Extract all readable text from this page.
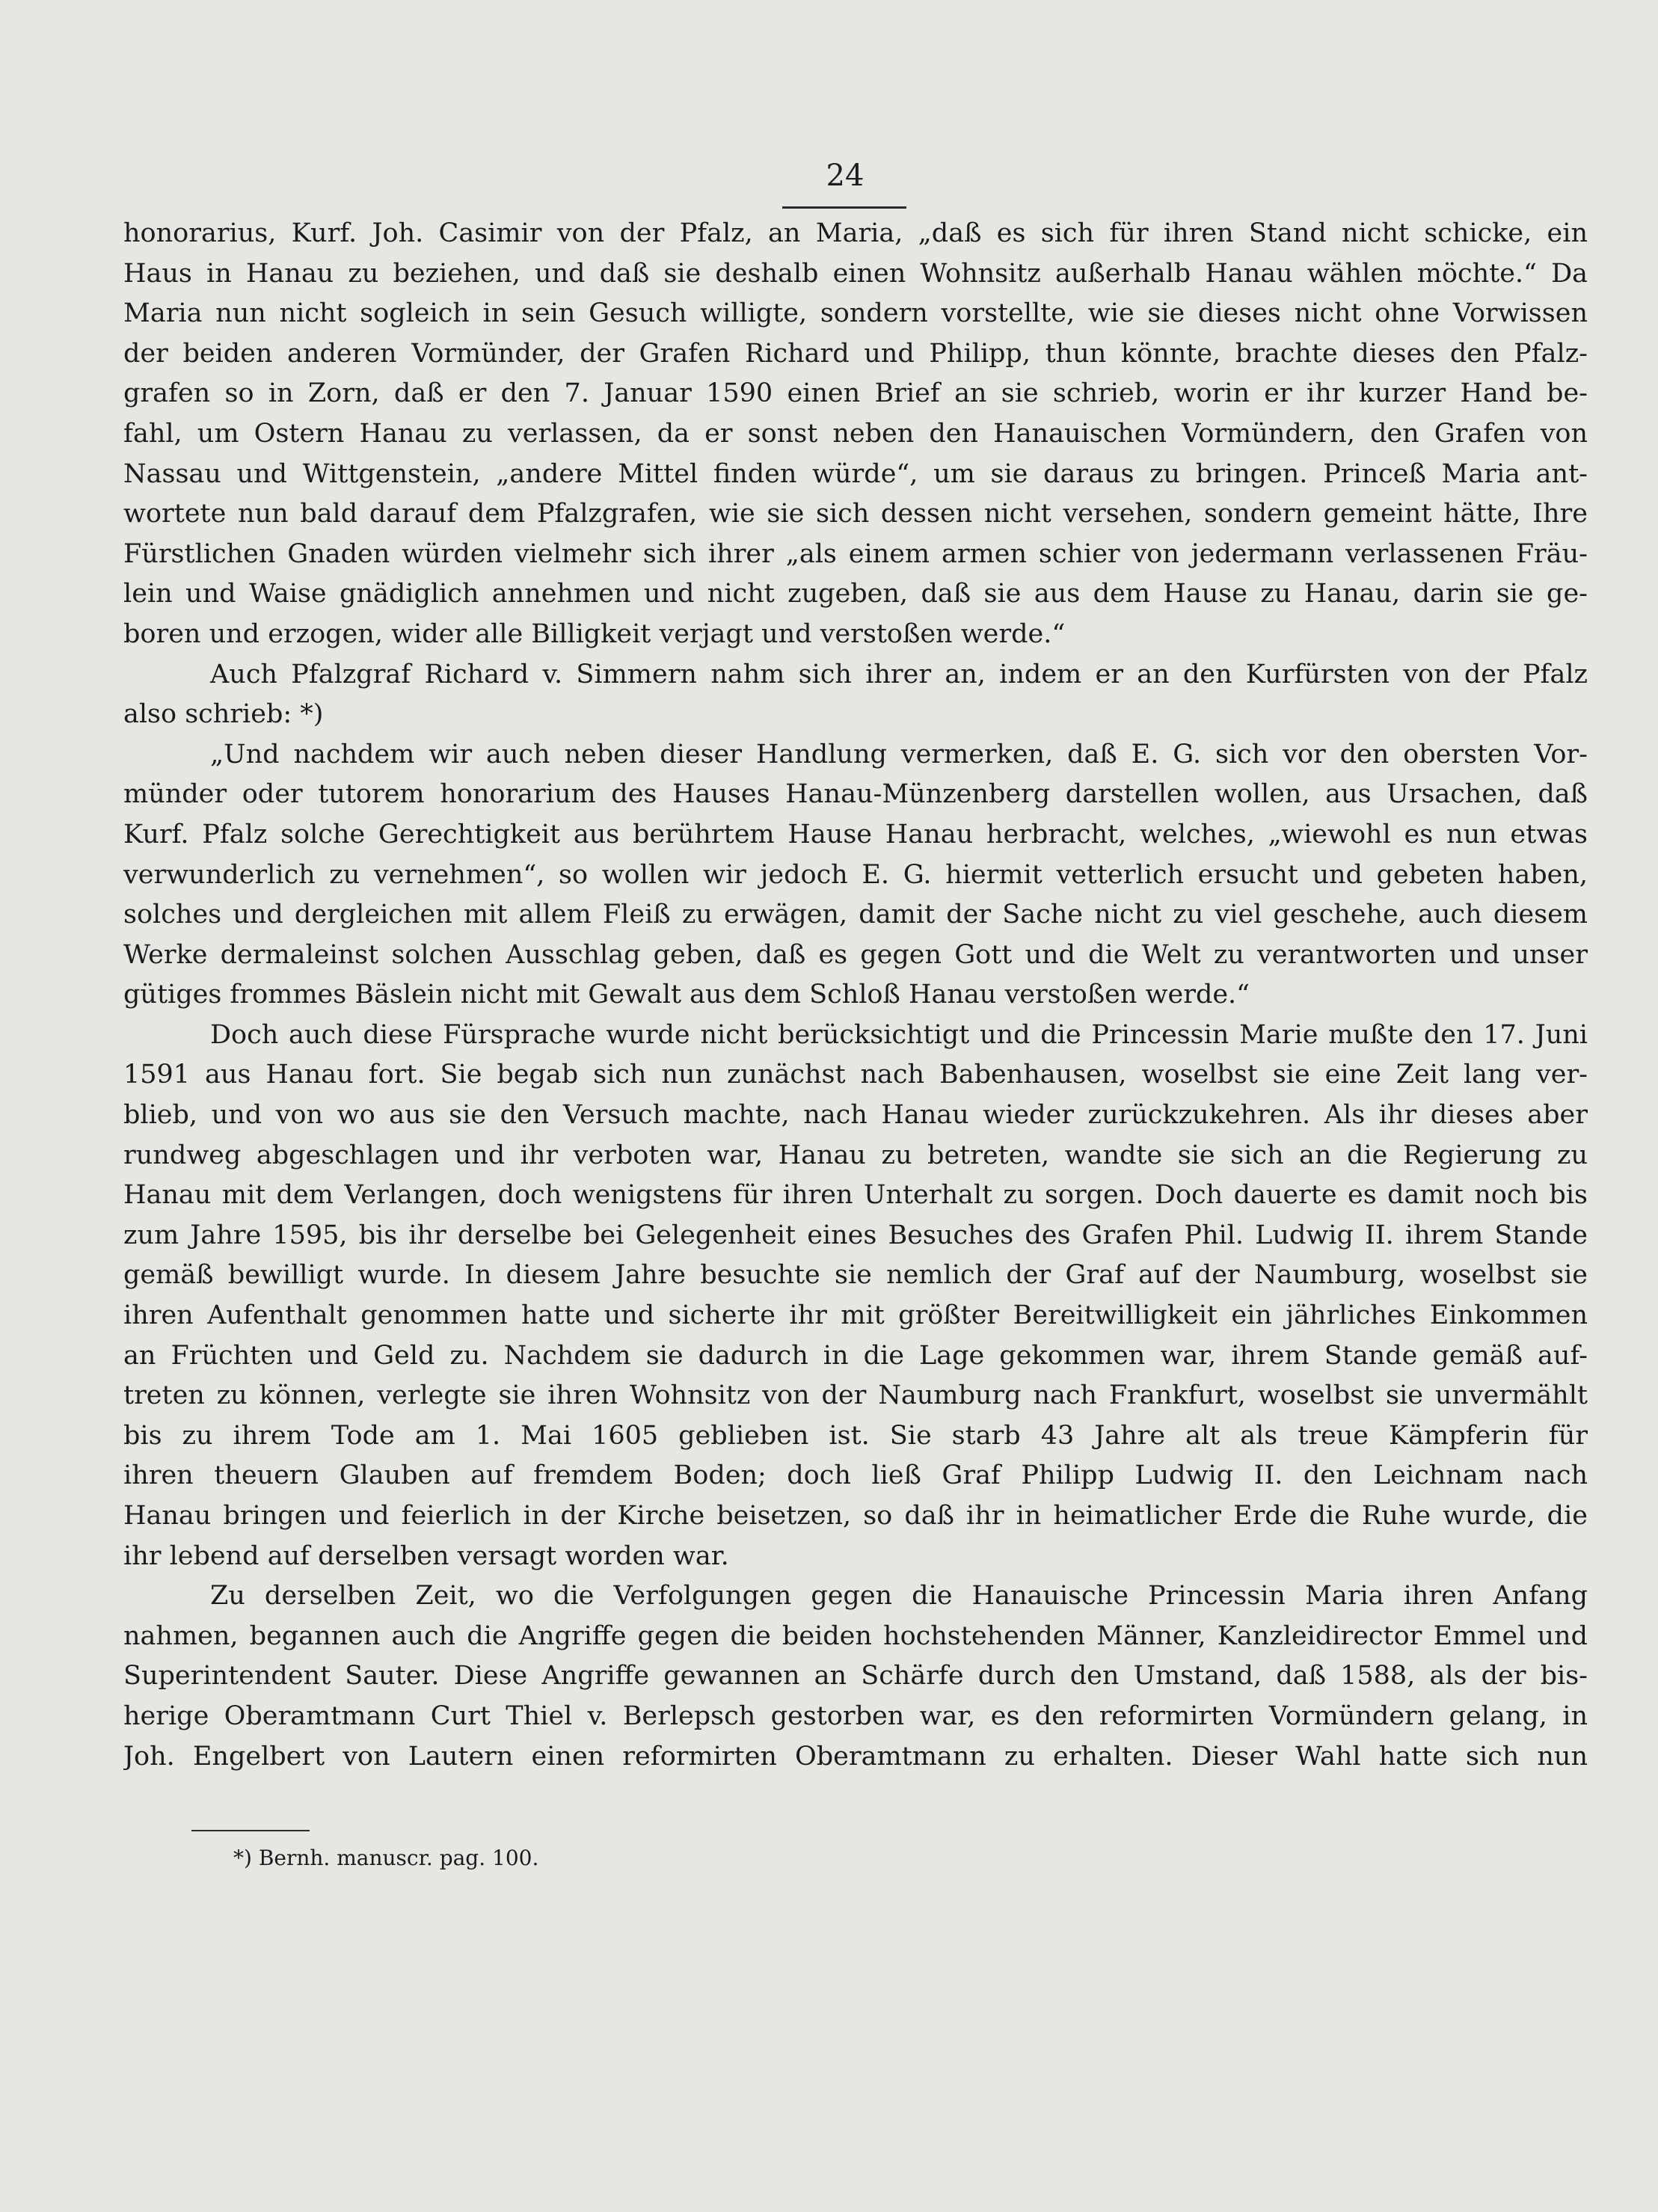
24
honorarius, Kurf. Joh. Casimir von der Pfalz, an Maria, „daß es sich für ihren Stand nicht schicke, ein
Haus in Hanau zu beziehen, und daß sie deshalb einen Wohnsitz außerhalb Hanau wählen möchte.“ Da
Maria nun nicht sogleich in sein Gesuch willigte, sondern vorstellte, wie sie dieses nicht ohne Vorwissen
der beiden anderen Vormünder, der Grafen Richard und Philipp, thun könnte, brachte dieses den Pfalz-
grafen so in Zorn, daß er den 7. Januar 1590 einen Brief an sie schrieb, worin er ihr kurzer Hand be-
fahl, um Ostern Hanau zu verlassen, da er sonst neben den Hanauischen Vormündern, den Grafen von
Nassau und Wittgenstein, „andere Mittel finden würde“, um sie daraus zu bringen. Princeß Maria ant-
wortete nun bald darauf dem Pfalzgrafen, wie sie sich dessen nicht versehen, sondern gemeint hätte, Ihre
Fürstlichen Gnaden würden vielmehr sich ihrer „als einem armen schier von jedermann verlassenen Fräu-
lein und Waise gnädiglich annehmen und nicht zugeben, daß sie aus dem Hause zu Hanau, darin sie ge-
boren und erzogen, wider alle Billigkeit verjagt und verstoßen werde.“
Auch Pfalzgraf Richard v. Simmern nahm sich ihrer an, indem er an den Kurfürsten von der Pfalz
also schrieb: *)
„Und nachdem wir auch neben dieser Handlung vermerken, daß E. G. sich vor den obersten Vor-
münder oder tutorem honorarium des Hauses Hanau-Münzenberg darstellen wollen, aus Ursachen, daß
Kurf. Pfalz solche Gerechtigkeit aus berührtem Hause Hanau herbracht, welches, „wiewohl es nun etwas
verwunderlich zu vernehmen“, so wollen wir jedoch E. G. hiermit vetterlich ersucht und gebeten haben,
solches und dergleichen mit allem Fleiß zu erwägen, damit der Sache nicht zu viel geschehe, auch diesem
Werke dermaleinst solchen Ausschlag geben, daß es gegen Gott und die Welt zu verantworten und unser
gütiges frommes Bäslein nicht mit Gewalt aus dem Schloß Hanau verstoßen werde.“
Doch auch diese Fürsprache wurde nicht berücksichtigt und die Princessin Marie mußte den 17. Juni
1591 aus Hanau fort. Sie begab sich nun zunächst nach Babenhausen, woselbst sie eine Zeit lang ver-
blieb, und von wo aus sie den Versuch machte, nach Hanau wieder zurückzukehren. Als ihr dieses aber
rundweg abgeschlagen und ihr verboten war, Hanau zu betreten, wandte sie sich an die Regierung zu
Hanau mit dem Verlangen, doch wenigstens für ihren Unterhalt zu sorgen. Doch dauerte es damit noch bis
zum Jahre 1595, bis ihr derselbe bei Gelegenheit eines Besuches des Grafen Phil. Ludwig II. ihrem Stande
gemäß bewilligt wurde. In diesem Jahre besuchte sie nemlich der Graf auf der Naumburg, woselbst sie
ihren Aufenthalt genommen hatte und sicherte ihr mit größter Bereitwilligkeit ein jährliches Einkommen
an Früchten und Geld zu. Nachdem sie dadurch in die Lage gekommen war, ihrem Stande gemäß auf-
treten zu können, verlegte sie ihren Wohnsitz von der Naumburg nach Frankfurt, woselbst sie unvermählt
bis zu ihrem Tode am 1. Mai 1605 geblieben ist. Sie starb 43 Jahre alt als treue Kämpferin für
ihren theuern Glauben auf fremdem Boden; doch ließ Graf Philipp Ludwig II. den Leichnam nach
Hanau bringen und feierlich in der Kirche beisetzen, so daß ihr in heimatlicher Erde die Ruhe wurde, die
ihr lebend auf derselben versagt worden war.
Zu derselben Zeit, wo die Verfolgungen gegen die Hanauische Princessin Maria ihren Anfang
nahmen, begannen auch die Angriffe gegen die beiden hochstehenden Männer, Kanzleidirector Emmel und
Superintendent Sauter. Diese Angriffe gewannen an Schärfe durch den Umstand, daß 1588, als der bis-
herige Oberamtmann Curt Thiel v. Berlepsch gestorben war, es den reformirten Vormündern gelang, in
Joh. Engelbert von Lautern einen reformirten Oberamtmann zu erhalten. Dieser Wahl hatte sich nun
*) Bernh. manuscr. pag. 100.
